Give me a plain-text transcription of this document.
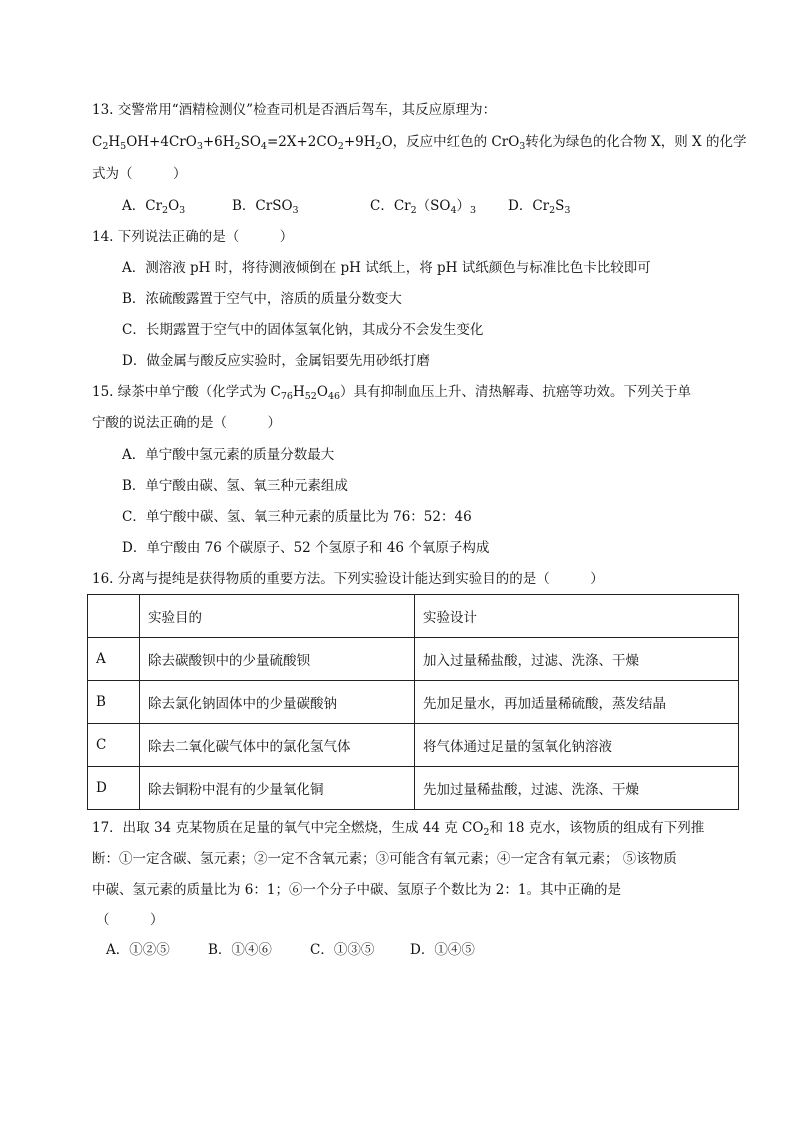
13. 交警常用“酒精检测仪”检查司机是否酒后驾车，其反应原理为：
$C_2H_5OH+4CrO_3+6H_2SO_4=2X+2CO_2+9H_2O$，反应中红色的 CrO$_3$转化为绿色的化合物 X，则 X 的化学
式为（　　　）
A．$Cr_2O_3$	B．CrSO$_3$	C．$Cr_2(SO_4)_3$ D．$Cr_2S_3$
14. 下列说法正确的是（　　　）
A．测溶液 pH 时，将待测液倾倒在 pH 试纸上，将 pH 试纸颜色与标准比色卡比较即可
B．浓硫酸露置于空气中，溶质的质量分数变大
C．长期露置于空气中的固体氢氧化钠，其成分不会发生变化
D．做金属与酸反应实验时，金属铝要先用砂纸打磨
15. 绿茶中单宁酸（化学式为 $C_{76}H_{52}O_{46}$）具有抑制血压上升、清热解毒、抗癌等功效。下列关于单
宁酸的说法正确的是（　　　）
A．单宁酸中氢元素的质量分数最大
B．单宁酸由碳、氢、氧三种元素组成
C．单宁酸中碳、氢、氧三种元素的质量比为 76：52：46
D．单宁酸由 76 个碳原子、52 个氢原子和 46 个氧原子构成
16. 分离与提纯是获得物质的重要方法。下列实验设计能达到实验目的的是（　　　）
	实验目的	实验设计
A	除去碳酸钡中的少量硫酸钡	加入过量稀盐酸，过滤、洗涤、干燥
B	除去氯化钠固体中的少量碳酸钠	先加足量水，再加适量稀硫酸，蒸发结晶
C	除去二氧化碳气体中的氯化氢气体	将气体通过足量的氢氧化钠溶液
D	除去铜粉中混有的少量氧化铜	先加过量稀盐酸，过滤、洗涤、干燥
17．出取 34 克某物质在足量的氧气中完全燃烧，生成 44 克 $CO_2$和 18 克水，该物质的组成有下列推
断：①一定含碳、氢元素；②一定不含氧元素；③可能含有氧元素；④一定含有氧元素； ⑤该物质
中碳、氢元素的质量比为 6：1；⑥一个分子中碳、氢原子个数比为 2：1。其中正确的是
（　　　）
A．①②⑤	B．①④⑥	C．①③⑤	D．①④⑤
